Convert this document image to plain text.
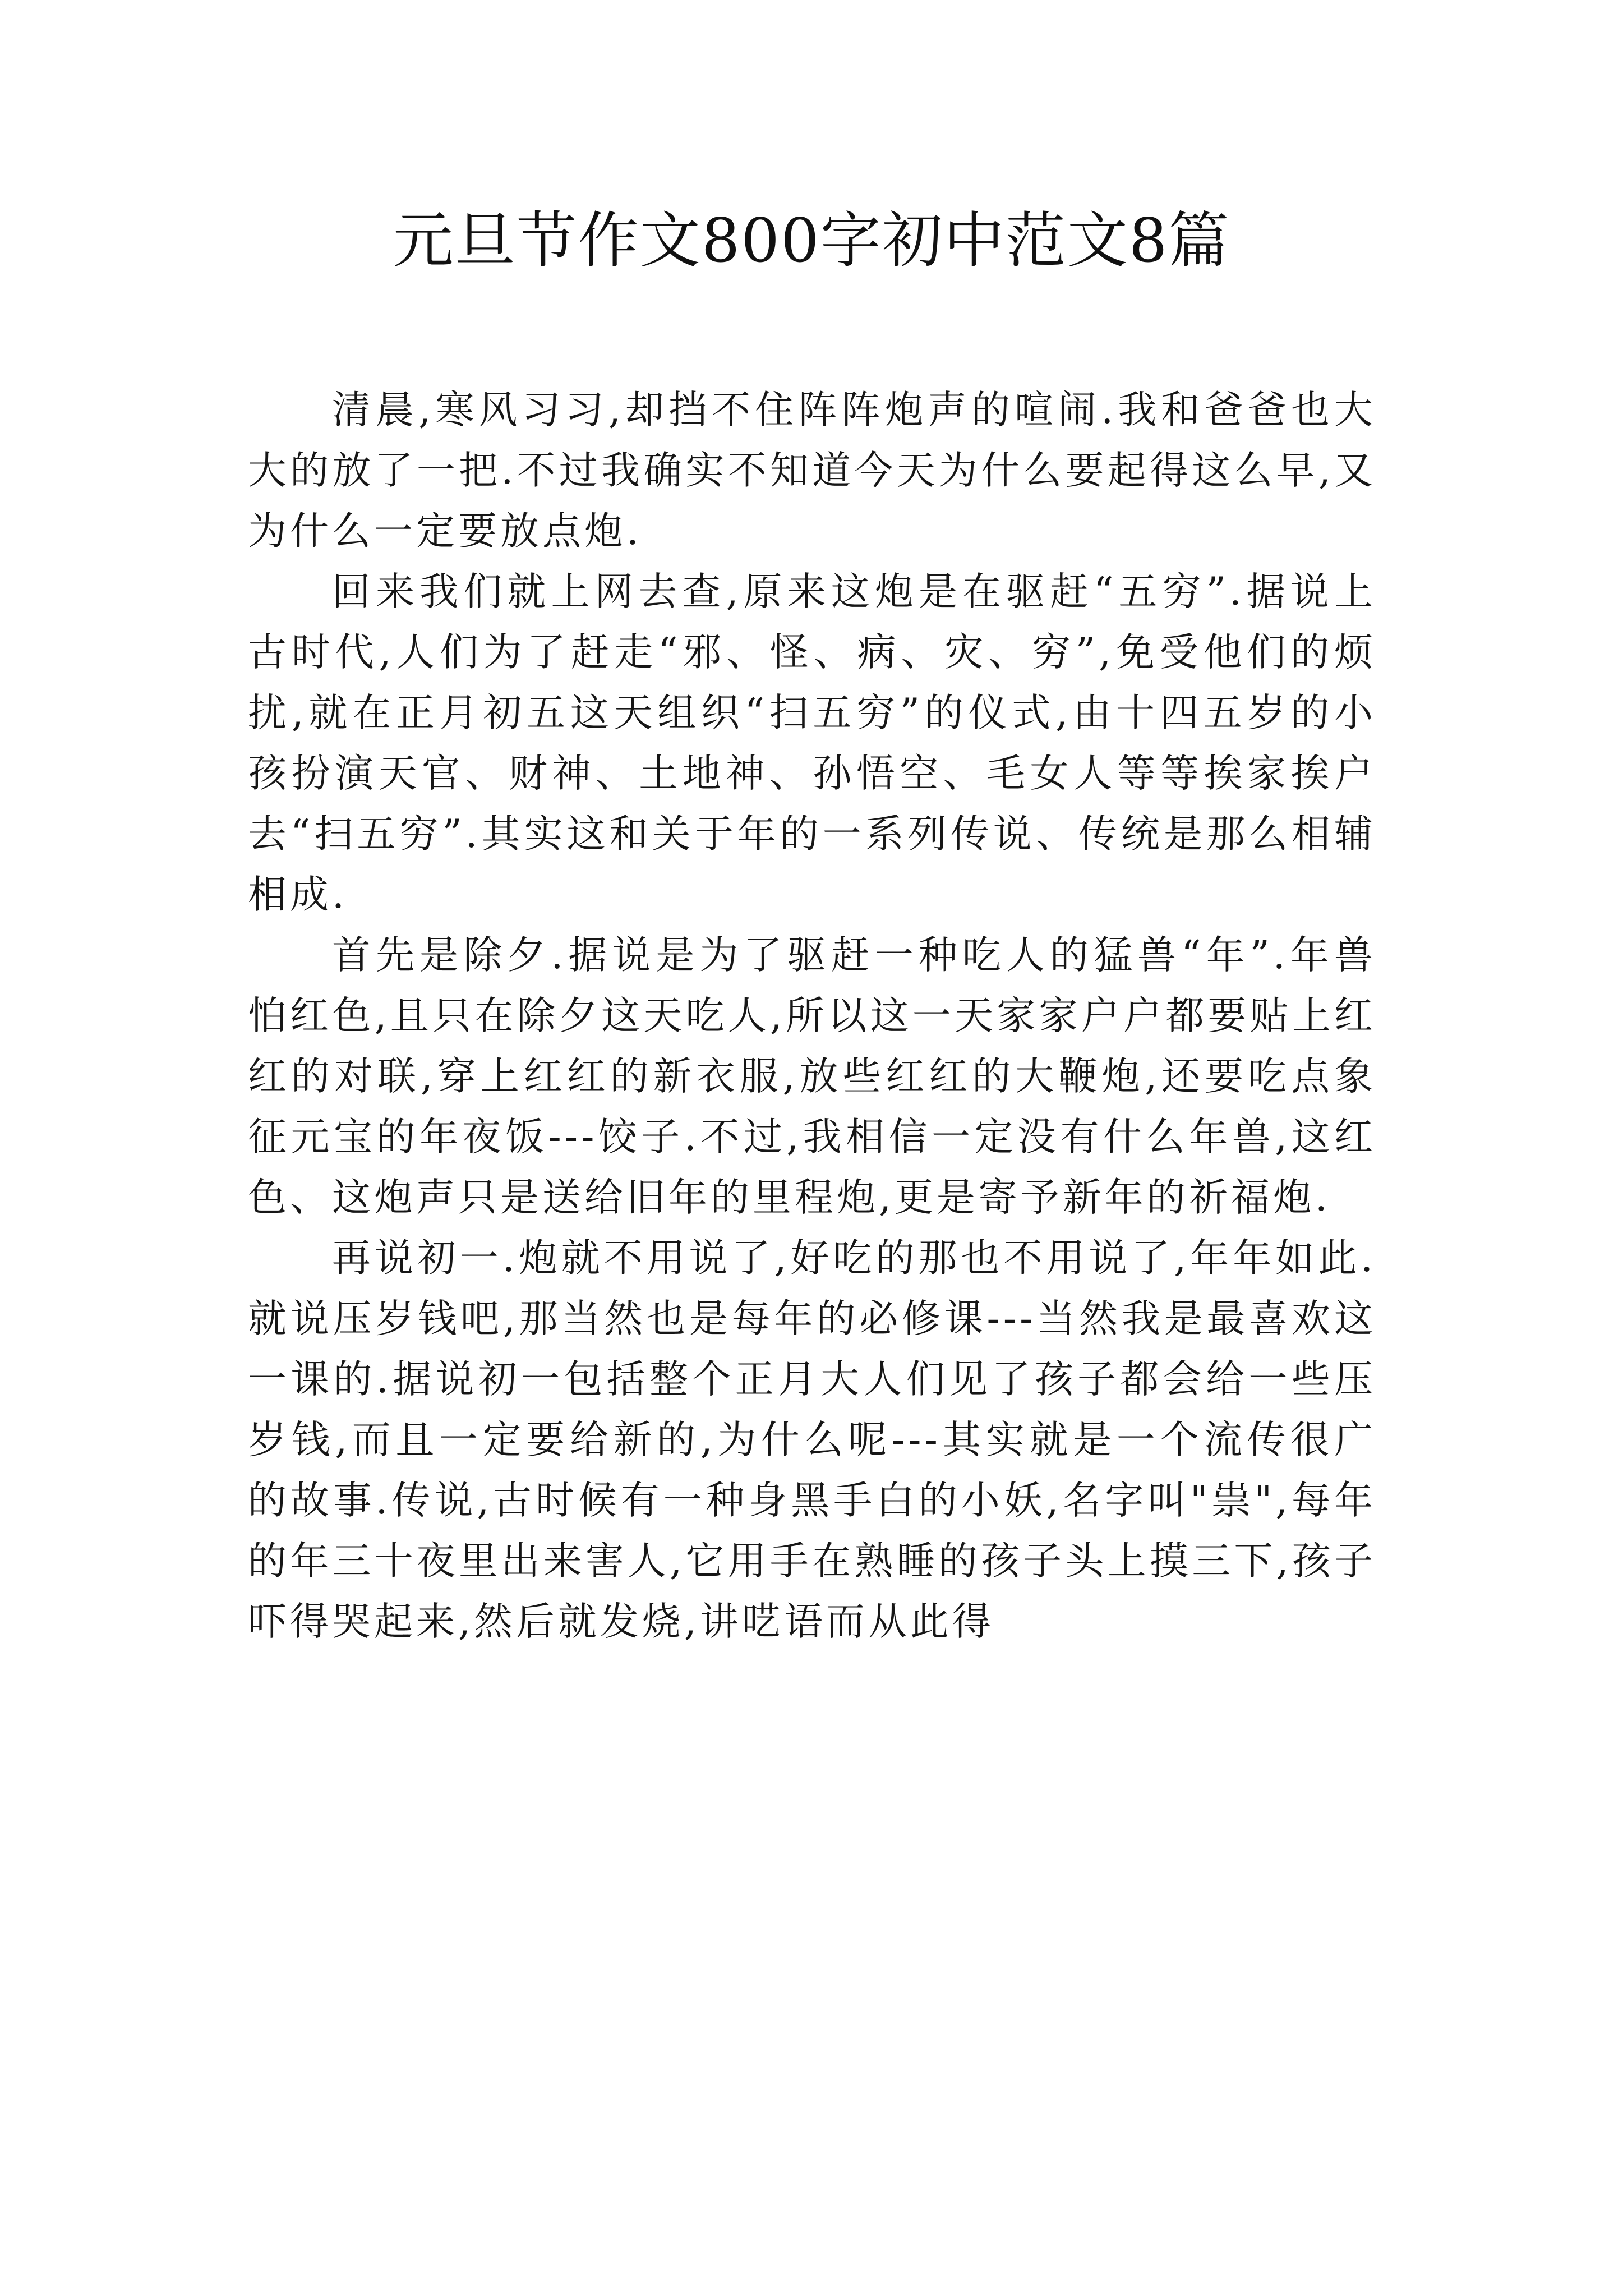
元旦节作文800字初中范文8篇

清晨,寒风习习,却挡不住阵阵炮声的喧闹.我和爸爸也大大的放了一把.不过我确实不知道今天为什么要起得这么早,又为什么一定要放点炮.

回来我们就上网去查,原来这炮是在驱赶“五穷”.据说上古时代,人们为了赶走“邪、怪、病、灾、穷”,免受他们的烦扰,就在正月初五这天组织“扫五穷”的仪式,由十四五岁的小孩扮演天官、财神、土地神、孙悟空、毛女人等等挨家挨户去“扫五穷”.其实这和关于年的一系列传说、传统是那么相辅相成.

首先是除夕.据说是为了驱赶一种吃人的猛兽“年”.年兽怕红色,且只在除夕这天吃人,所以这一天家家户户都要贴上红红的对联,穿上红红的新衣服,放些红红的大鞭炮,还要吃点象征元宝的年夜饭---饺子.不过,我相信一定没有什么年兽,这红色、这炮声只是送给旧年的里程炮,更是寄予新年的祈福炮.

再说初一.炮就不用说了,好吃的那也不用说了,年年如此.就说压岁钱吧,那当然也是每年的必修课---当然我是最喜欢这一课的.据说初一包括整个正月大人们见了孩子都会给一些压岁钱,而且一定要给新的,为什么呢---其实就是一个流传很广的故事.传说,古时候有一种身黑手白的小妖,名字叫"祟",每年的年三十夜里出来害人,它用手在熟睡的孩子头上摸三下,孩子吓得哭起来,然后就发烧,讲呓语而从此得
